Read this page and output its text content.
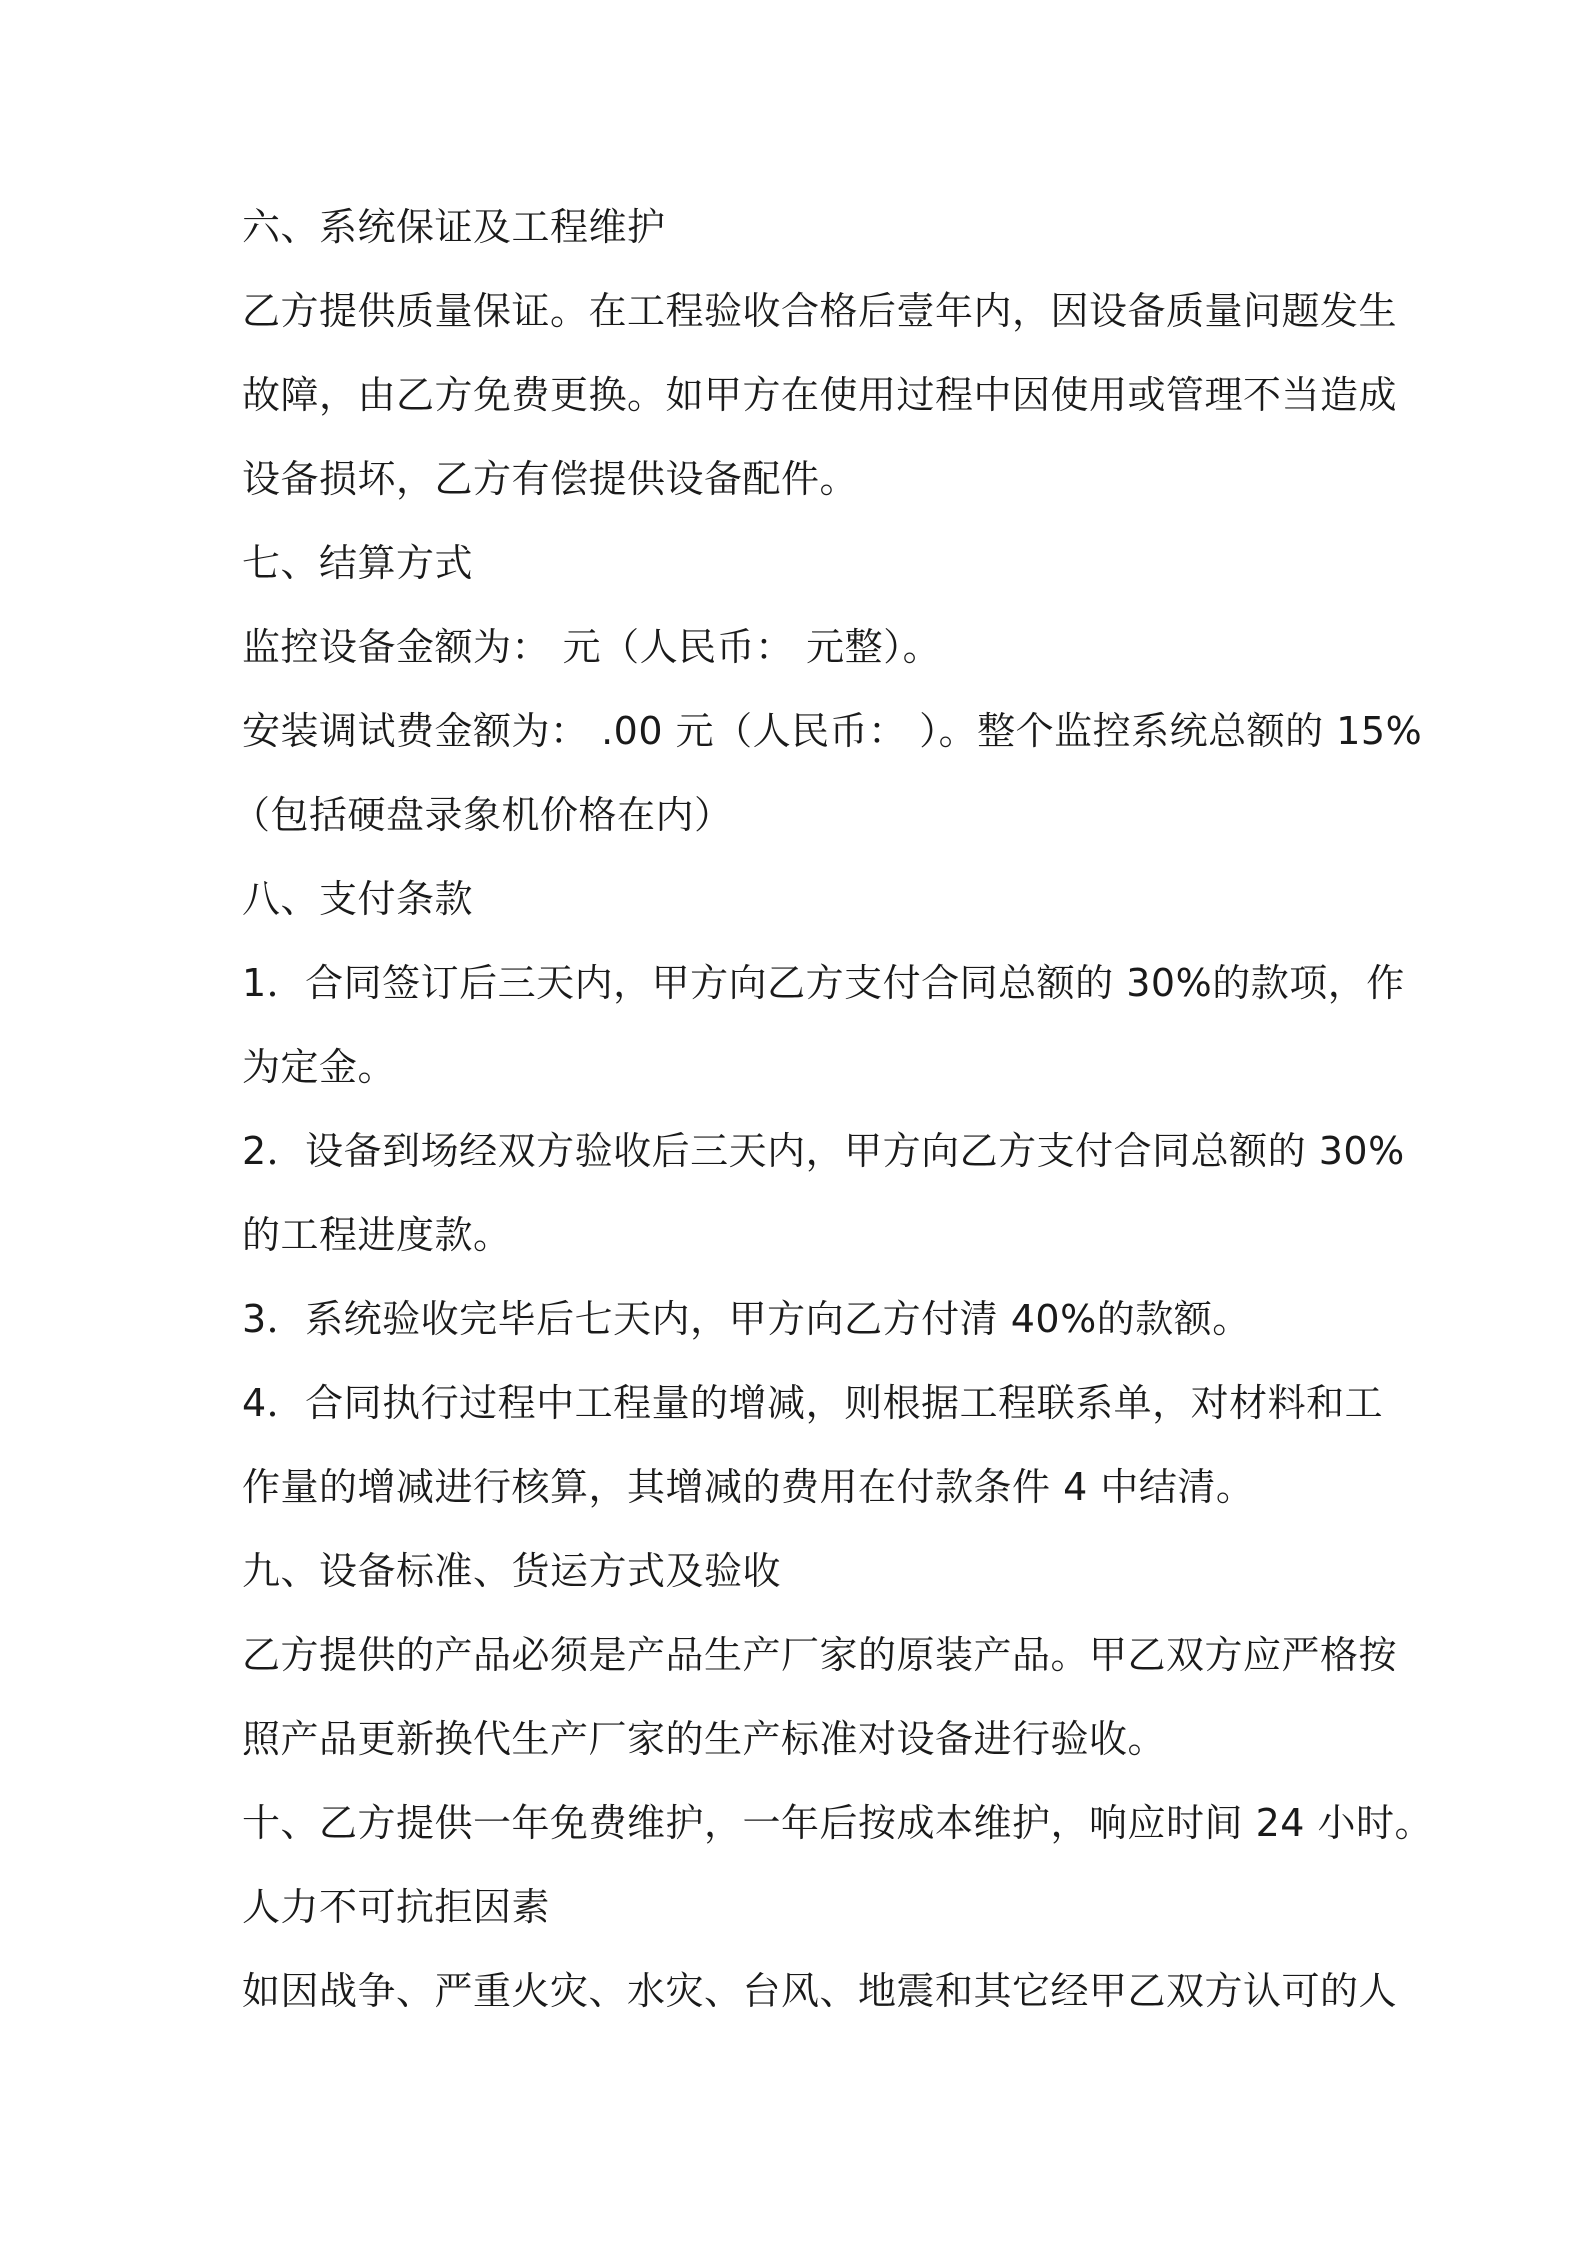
六、系统保证及工程维护
乙方提供质量保证。在工程验收合格后壹年内，因设备质量问题发生
故障，由乙方免费更换。如甲方在使用过程中因使用或管理不当造成
设备损坏，乙方有偿提供设备配件。
七、结算方式
监控设备金额为： 元（人民币： 元整）。
安装调试费金额为： .00 元（人民币： ）。整个监控系统总额的 15%
（包括硬盘录象机价格在内）
八、支付条款
1．合同签订后三天内，甲方向乙方支付合同总额的 30%的款项，作
为定金。
2．设备到场经双方验收后三天内，甲方向乙方支付合同总额的 30%
的工程进度款。
3．系统验收完毕后七天内，甲方向乙方付清 40%的款额。
4．合同执行过程中工程量的增减，则根据工程联系单，对材料和工
作量的增减进行核算，其增减的费用在付款条件 4 中结清。
九、设备标准、货运方式及验收
乙方提供的产品必须是产品生产厂家的原装产品。甲乙双方应严格按
照产品更新换代生产厂家的生产标准对设备进行验收。
十、乙方提供一年免费维护，一年后按成本维护，响应时间 24 小时。
人力不可抗拒因素
如因战争、严重火灾、水灾、台风、地震和其它经甲乙双方认可的人
